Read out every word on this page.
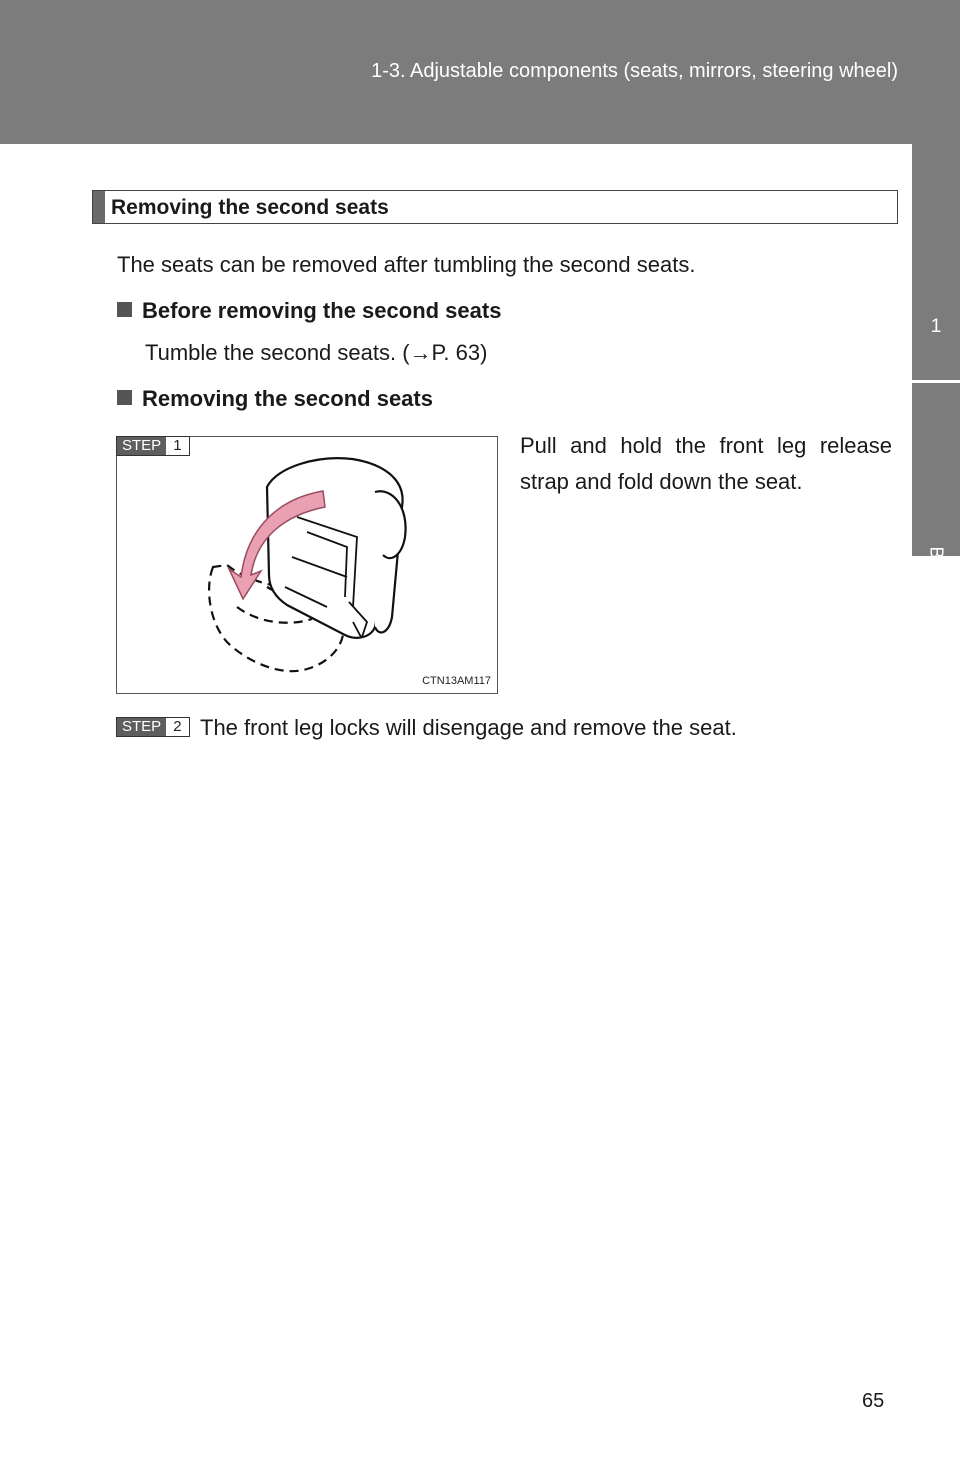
1-3. Adjustable components (seats, mirrors, steering wheel)
1
Before driving
Removing the second seats
The seats can be removed after tumbling the second seats.
Before removing the second seats
Tumble the second seats. (→P. 63)
Removing the second seats
STEP 1
CTN13AM117
Pull and hold the front leg release strap and fold down the seat.
STEP 2 The front leg locks will disengage and remove the seat.
65
